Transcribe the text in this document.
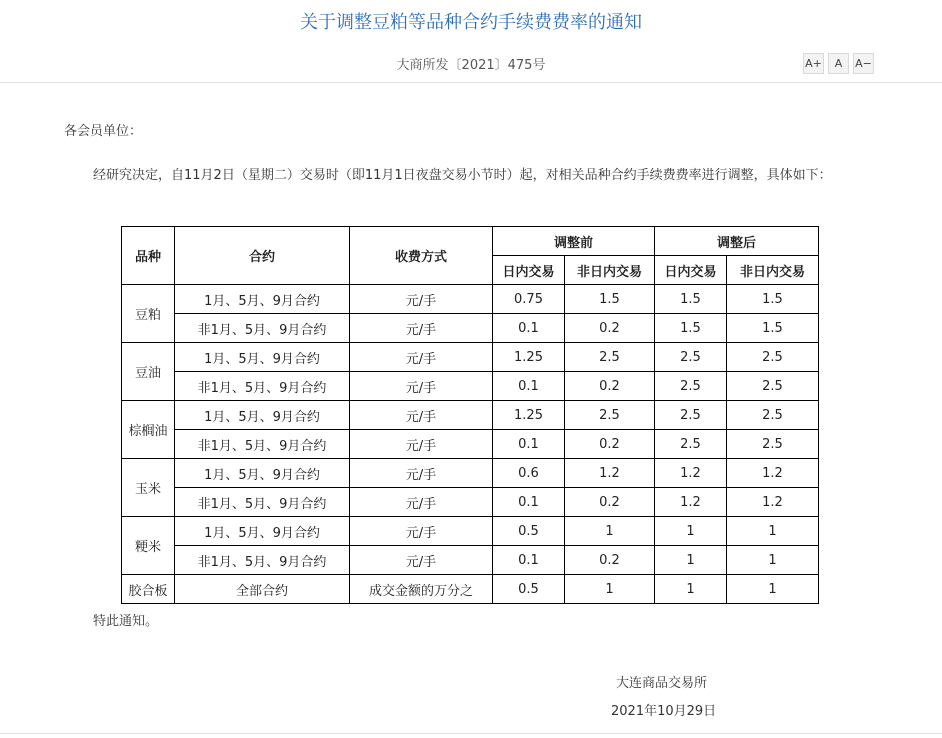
关于调整豆粕等品种合约手续费费率的通知
大商所发〔2021〕475号	A+	A	A−
各会员单位：
经研究决定，自11月2日（星期二）交易时（即11月1日夜盘交易小节时）起，对相关品种合约手续费费率进行调整，具体如下：
品种	合约	收费方式	调整前		调整后	
			日内交易	非日内交易	日内交易	非日内交易
豆粕	1月、5月、9月合约	元/手	0.75	1.5	1.5	1.5
	非1月、5月、9月合约	元/手	0.1	0.2	1.5	1.5
豆油	1月、5月、9月合约	元/手	1.25	2.5	2.5	2.5
	非1月、5月、9月合约	元/手	0.1	0.2	2.5	2.5
棕榈油	1月、5月、9月合约	元/手	1.25	2.5	2.5	2.5
	非1月、5月、9月合约	元/手	0.1	0.2	2.5	2.5
玉米	1月、5月、9月合约	元/手	0.6	1.2	1.2	1.2
	非1月、5月、9月合约	元/手	0.1	0.2	1.2	1.2
粳米	1月、5月、9月合约	元/手	0.5	1	1	1
	非1月、5月、9月合约	元/手	0.1	0.2	1	1
胶合板	全部合约	成交金额的万分之	0.5	1	1	1
特此通知。
大连商品交易所
2021年10月29日
